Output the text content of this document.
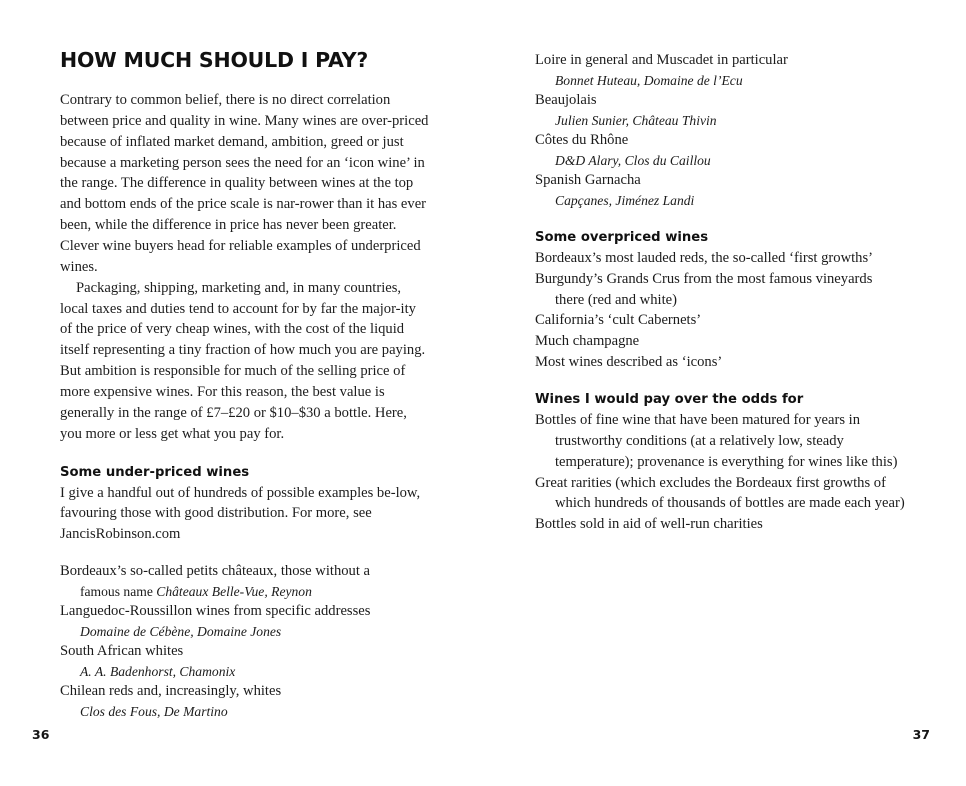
HOW MUCH SHOULD I PAY?

Contrary to common belief, there is no direct correlation between price and quality in wine. Many wines are over-priced because of inflated market demand, ambition, greed or just because a marketing person sees the need for an ‘icon wine’ in the range. The difference in quality between wines at the top and bottom ends of the price scale is nar-rower than it has ever been, while the difference in price has never been greater. Clever wine buyers head for reliable examples of underpriced wines.

Packaging, shipping, marketing and, in many countries, local taxes and duties tend to account for by far the major-ity of the price of very cheap wines, with the cost of the liquid itself representing a tiny fraction of how much you are paying. But ambition is responsible for much of the selling price of more expensive wines. For this reason, the best value is generally in the range of £7–£20 or $10–$30 a bottle. Here, you more or less get what you pay for.

Some under-priced wines

I give a handful out of hundreds of possible examples be-low, favouring those with good distribution. For more, see JancisRobinson.com

Bordeaux’s so-called petits châteaux, those without a
famous name Châteaux Belle-Vue, Reynon
Languedoc-Roussillon wines from specific addresses
Domaine de Cébène, Domaine Jones
South African whites
A. A. Badenhorst, Chamonix
Chilean reds and, increasingly, whites
Clos des Fous, De Martino
36
Loire in general and Muscadet in particular
Bonnet Huteau, Domaine de l’Ecu
Beaujolais
Julien Sunier, Château Thivin
Côtes du Rhône
D&D Alary, Clos du Caillou
Spanish Garnacha
Capçanes, Jiménez Landi
Some overpriced wines
Bordeaux’s most lauded reds, the so-called ‘first growths’
Burgundy’s Grands Crus from the most famous vineyards
there (red and white)
California’s ‘cult Cabernets’
Much champagne
Most wines described as ‘icons’
Wines I would pay over the odds for
Bottles of fine wine that have been matured for years in
trustworthy conditions (at a relatively low, steady
temperature); provenance is everything for wines like this)
Great rarities (which excludes the Bordeaux first growths of
which hundreds of thousands of bottles are made each year)
Bottles sold in aid of well-run charities
37
